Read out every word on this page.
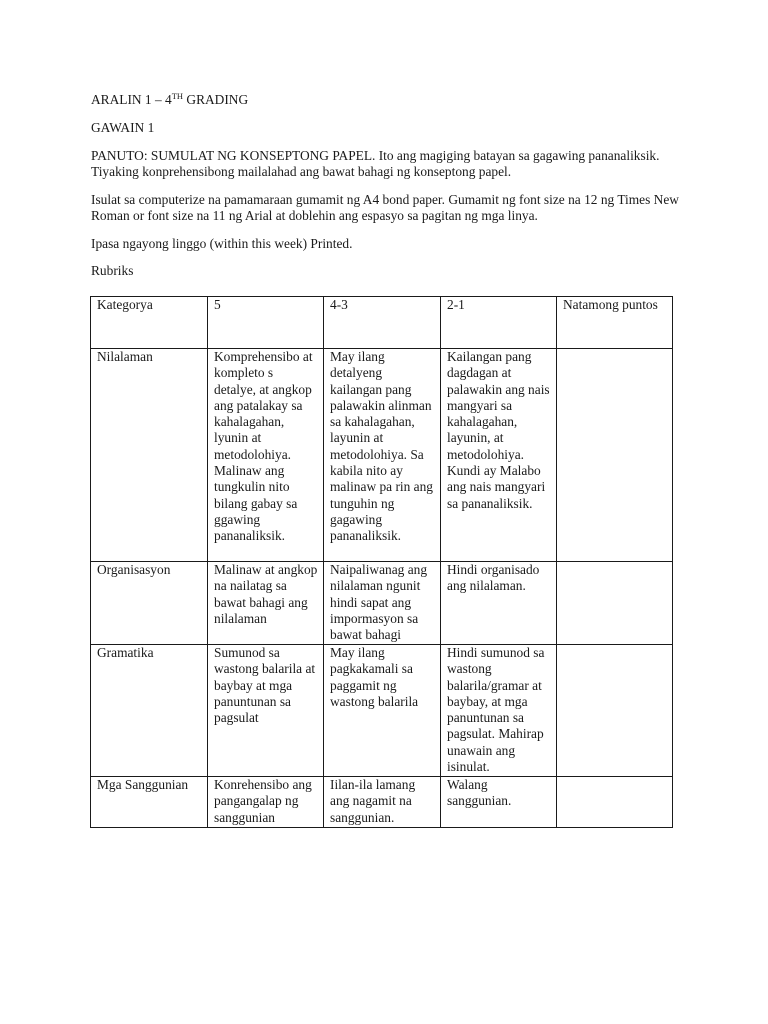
ARALIN 1 – 4TH GRADING

GAWAIN 1

PANUTO: SUMULAT NG KONSEPTONG PAPEL. Ito ang magiging batayan sa gagawing pananaliksik. Tiyaking konprehensibong mailalahad ang bawat bahagi ng konseptong papel.

Isulat sa computerize na pamamaraan gumamit ng A4 bond paper. Gumamit ng font size na 12 ng Times New Roman or font size na 11 ng Arial at doblehin ang espasyo sa pagitan ng mga linya.

Ipasa ngayong linggo (within this week) Printed.

Rubriks

Kategorya	5	4-3	2-1	Natamong puntos
Nilalaman	Komprehensibo at kompleto s detalye, at angkop ang patalakay sa kahalagahan, lyunin at metodolohiya. Malinaw ang tungkulin nito bilang gabay sa ggawing pananaliksik.	May ilang detalyeng kailangan pang palawakin alinman sa kahalagahan, layunin at metodolohiya. Sa kabila nito ay malinaw pa rin ang tunguhin ng gagawing pananaliksik.	Kailangan pang dagdagan at palawakin ang nais mangyari sa kahalagahan, layunin, at metodolohiya. Kundi ay Malabo ang nais mangyari sa pananaliksik.	
Organisasyon	Malinaw at angkop na nailatag sa bawat bahagi ang nilalaman	Naipaliwanag ang nilalaman ngunit hindi sapat ang impormasyon sa bawat bahagi	Hindi organisado ang nilalaman.	
Gramatika	Sumunod sa wastong balarila at baybay at mga panuntunan sa pagsulat	May ilang pagkakamali sa paggamit ng wastong balarila	Hindi sumunod sa wastong balarila/gramar at baybay, at mga panuntunan sa pagsulat. Mahirap unawain ang isinulat.	
Mga Sanggunian	Konrehensibo ang pangangalap ng sanggunian	Iilan-ila lamang ang nagamit na sanggunian.	Walang sanggunian.	
